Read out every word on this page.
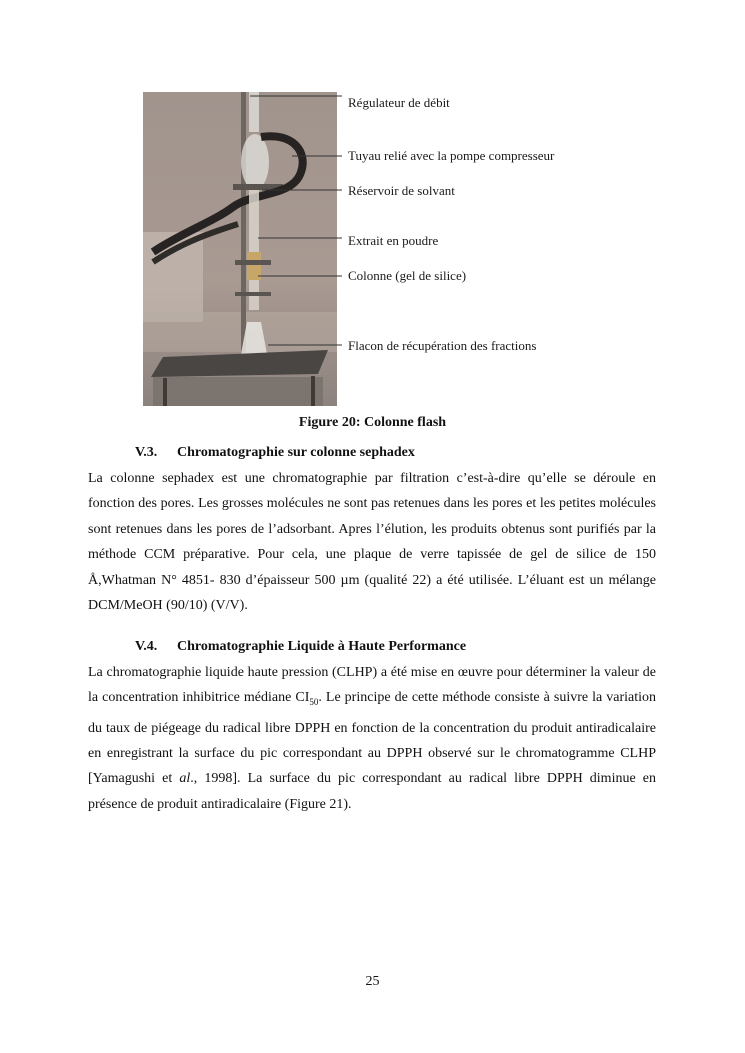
Régulateur de débit
Tuyau relié avec la pompe compresseur
Réservoir de solvant
Extrait en poudre
Colonne (gel de silice)
Flacon de récupération des fractions
Figure 20: Colonne flash
V.3. Chromatographie sur colonne sephadex
La colonne sephadex est une chromatographie par filtration c’est-à-dire qu’elle se déroule en fonction des pores. Les grosses molécules ne sont pas retenues dans les pores et les petites molécules sont retenues dans les pores de l’adsorbant. Apres l’élution, les produits obtenus sont purifiés par la méthode CCM préparative. Pour cela, une plaque de verre tapissée de gel de silice de 150 Å,Whatman N° 4851- 830 d’épaisseur 500 µm (qualité 22) a été utilisée. L’éluant est un mélange DCM/MeOH (90/10) (V/V).
V.4. Chromatographie Liquide à Haute Performance
La chromatographie liquide haute pression (CLHP) a été mise en œuvre pour déterminer la valeur de la concentration inhibitrice médiane $CI_{50}$. Le principe de cette méthode consiste à suivre la variation du taux de piégeage du radical libre DPPH en fonction de la concentration du produit antiradicalaire en enregistrant la surface du pic correspondant au DPPH observé sur le chromatogramme CLHP [Yamagushi et al., 1998]. La surface du pic correspondant au radical libre DPPH diminue en présence de produit antiradicalaire (Figure 21).
25
